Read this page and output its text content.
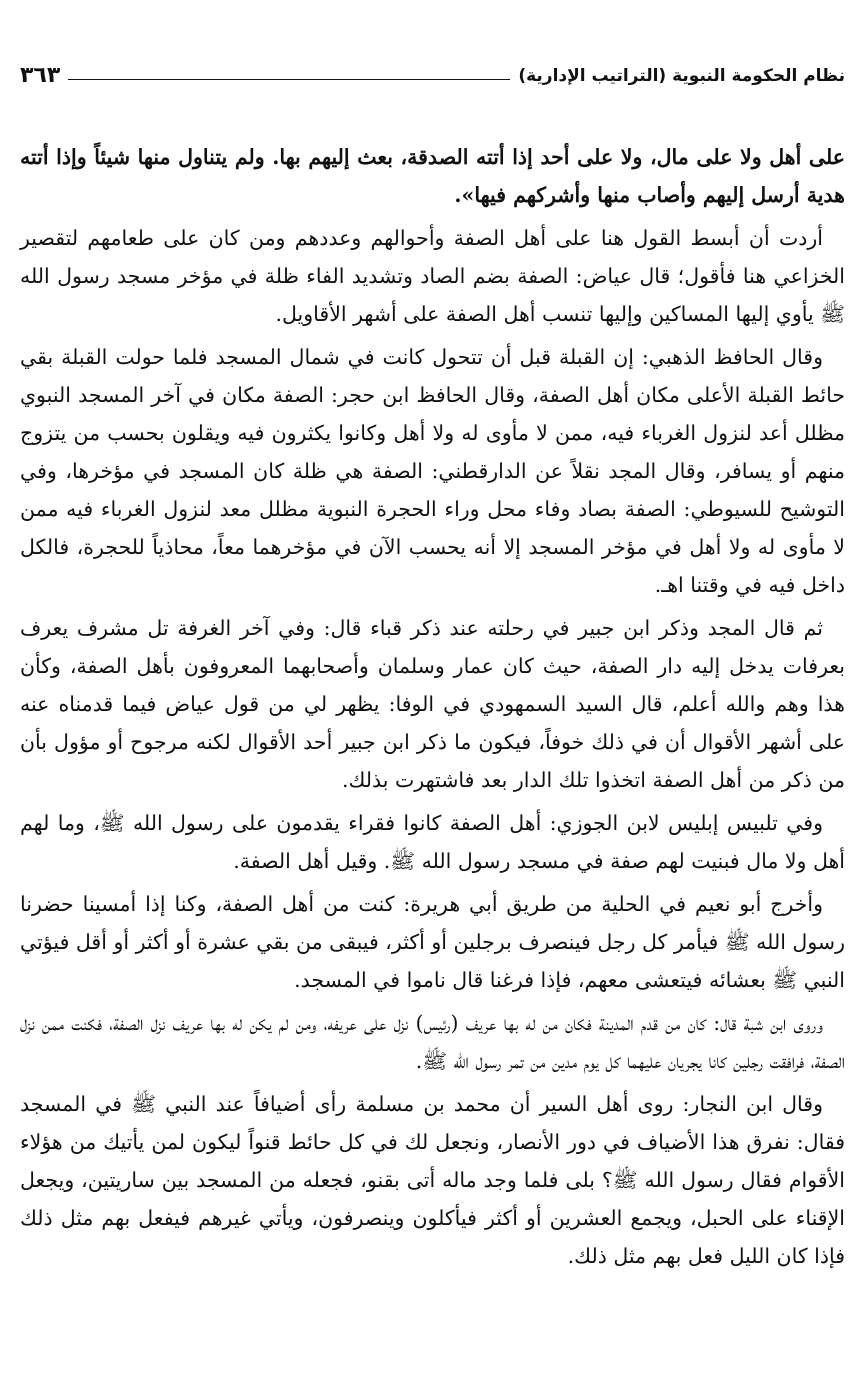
نظام الحكومة النبوية (التراتيب الإدارية)
٣٦٣

على أهل ولا على مال، ولا على أحد إذا أتته الصدقة، بعث إليهم بها. ولم يتناول منها شيئاً وإذا أتته هدية أرسل إليهم وأصاب منها وأشركهم فيها».

أردت أن أبسط القول هنا على أهل الصفة وأحوالهم وعددهم ومن كان على طعامهم لتقصير الخزاعي هنا فأقول؛ قال عياض: الصفة بضم الصاد وتشديد الفاء ظلة في مؤخر مسجد رسول الله ﷺ يأوي إليها المساكين وإليها تنسب أهل الصفة على أشهر الأقاويل.

وقال الحافظ الذهبي: إن القبلة قبل أن تتحول كانت في شمال المسجد فلما حولت القبلة بقي حائط القبلة الأعلى مكان أهل الصفة، وقال الحافظ ابن حجر: الصفة مكان في آخر المسجد النبوي مظلل أعد لنزول الغرباء فيه، ممن لا مأوى له ولا أهل وكانوا يكثرون فيه ويقلون بحسب من يتزوج منهم أو يسافر، وقال المجد نقلاً عن الدارقطني: الصفة هي ظلة كان المسجد في مؤخرها، وفي التوشيح للسيوطي: الصفة بصاد وفاء محل وراء الحجرة النبوية مظلل معد لنزول الغرباء فيه ممن لا مأوى له ولا أهل في مؤخر المسجد إلا أنه يحسب الآن في مؤخرهما معاً، محاذياً للحجرة، فالكل داخل فيه في وقتنا اهـ.

ثم قال المجد وذكر ابن جبير في رحلته عند ذكر قباء قال: وفي آخر الغرفة تل مشرف يعرف بعرفات يدخل إليه دار الصفة، حيث كان عمار وسلمان وأصحابهما المعروفون بأهل الصفة، وكأن هذا وهم والله أعلم، قال السيد السمهودي في الوفا: يظهر لي من قول عياض فيما قدمناه عنه على أشهر الأقوال أن في ذلك خوفاً، فيكون ما ذكر ابن جبير أحد الأقوال لكنه مرجوح أو مؤول بأن من ذكر من أهل الصفة اتخذوا تلك الدار بعد فاشتهرت بذلك.

وفي تلبيس إبليس لابن الجوزي: أهل الصفة كانوا فقراء يقدمون على رسول الله ﷺ، وما لهم أهل ولا مال فبنيت لهم صفة في مسجد رسول الله ﷺ. وقيل أهل الصفة.

وأخرج أبو نعيم في الحلية من طريق أبي هريرة: كنت من أهل الصفة، وكنا إذا أمسينا حضرنا رسول الله ﷺ فيأمر كل رجل فينصرف برجلين أو أكثر، فيبقى من بقي عشرة أو أكثر أو أقل فيؤتي النبي ﷺ بعشائه فيتعشى معهم، فإذا فرغنا قال ناموا في المسجد.

وروى ابن شبة قال: كان من قدم المدينة فكان من له بها عريف (رئيس) نزل على عريفه، ومن لم يكن له بها عريف نزل الصفة، فكنت ممن نزل الصفة، فرافقت رجلين كانا يجريان عليهما كل يوم مدين من تمر رسول الله ﷺ.

وقال ابن النجار: روى أهل السير أن محمد بن مسلمة رأى أضيافاً عند النبي ﷺ في المسجد فقال: نفرق هذا الأضياف في دور الأنصار، ونجعل لك في كل حائط قنواً ليكون لمن يأتيك من هؤلاء الأقوام فقال رسول الله ﷺ؟ بلى فلما وجد ماله أتى بقنو، فجعله من المسجد بين ساريتين، ويجعل الإقناء على الحبل، ويجمع العشرين أو أكثر فيأكلون وينصرفون، ويأتي غيرهم فيفعل بهم مثل ذلك فإذا كان الليل فعل بهم مثل ذلك.
